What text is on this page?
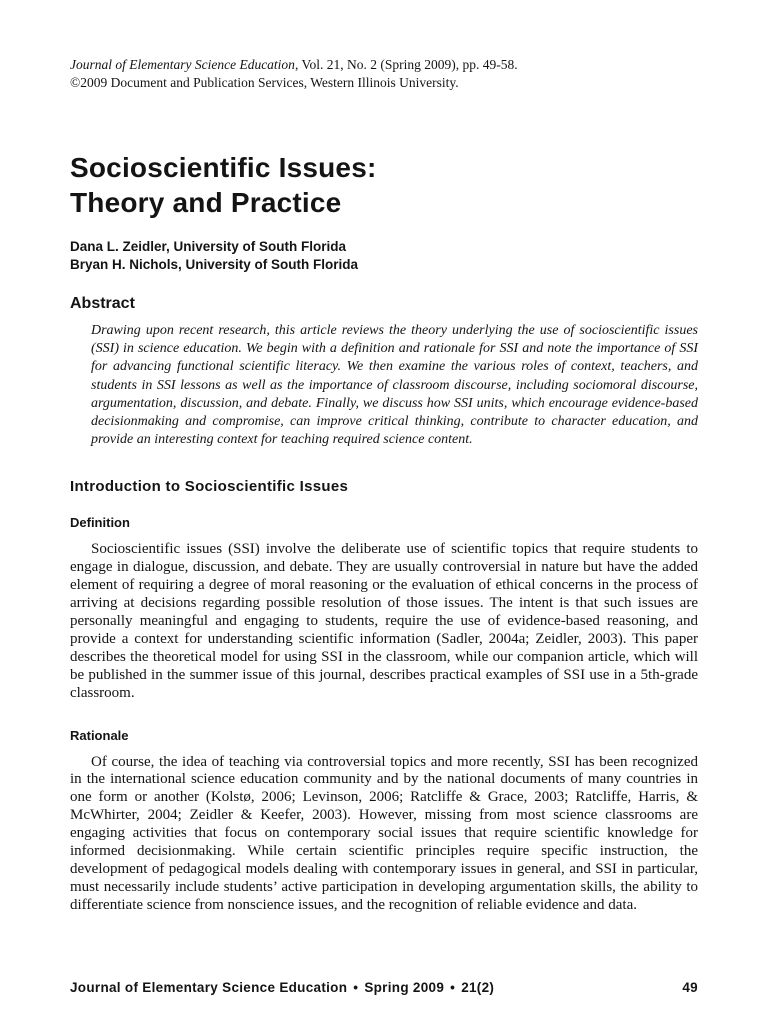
Journal of Elementary Science Education, Vol. 21, No. 2 (Spring 2009), pp. 49-58.
©2009 Document and Publication Services, Western Illinois University.

Socioscientific Issues:
Theory and Practice
Dana L. Zeidler, University of South Florida
Bryan H. Nichols, University of South Florida
Abstract

Drawing upon recent research, this article reviews the theory underlying the use of socioscientific issues (SSI) in science education. We begin with a definition and rationale for SSI and note the importance of SSI for advancing functional scientific literacy. We then examine the various roles of context, teachers, and students in SSI lessons as well as the importance of classroom discourse, including sociomoral discourse, argumentation, discussion, and debate. Finally, we discuss how SSI units, which encourage evidence-based decisionmaking and compromise, can improve critical thinking, contribute to character education, and provide an interesting context for teaching required science content.

Introduction to Socioscientific Issues
Definition

Socioscientific issues (SSI) involve the deliberate use of scientific topics that require students to engage in dialogue, discussion, and debate. They are usually controversial in nature but have the added element of requiring a degree of moral reasoning or the evaluation of ethical concerns in the process of arriving at decisions regarding possible resolution of those issues. The intent is that such issues are personally meaningful and engaging to students, require the use of evidence-based reasoning, and provide a context for understanding scientific information (Sadler, 2004a; Zeidler, 2003). This paper describes the theoretical model for using SSI in the classroom, while our companion article, which will be published in the summer issue of this journal, describes practical examples of SSI use in a 5th-grade classroom.

Rationale

Of course, the idea of teaching via controversial topics and more recently, SSI has been recognized in the international science education community and by the national documents of many countries in one form or another (Kolstø, 2006; Levinson, 2006; Ratcliffe & Grace, 2003; Ratcliffe, Harris, & McWhirter, 2004; Zeidler & Keefer, 2003). However, missing from most science classrooms are engaging activities that focus on contemporary social issues that require scientific knowledge for informed decisionmaking. While certain scientific principles require specific instruction, the development of pedagogical models dealing with contemporary issues in general, and SSI in particular, must necessarily include students’ active participation in developing argumentation skills, the ability to differentiate science from nonscience issues, and the recognition of reliable evidence and data.

Journal of Elementary Science Education • Spring 2009 • 21(2)	49
